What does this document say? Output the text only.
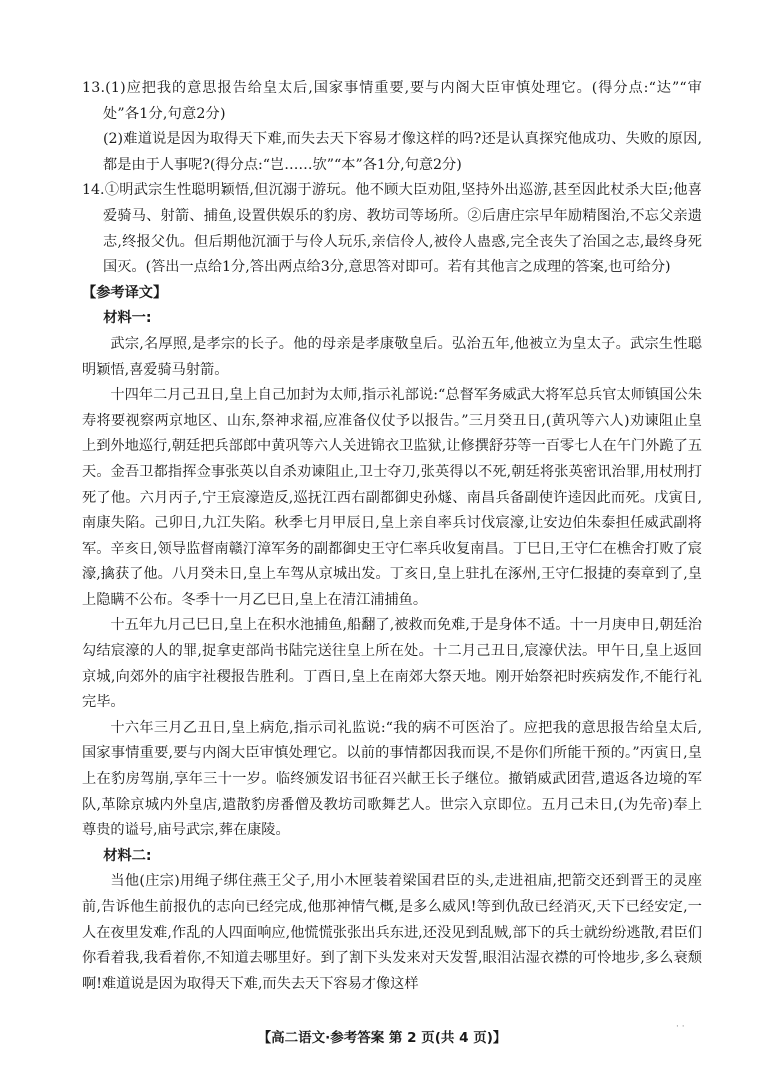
13.(1)应把我的意思报告给皇太后,国家事情重要,要与内阁大臣审慎处理它。(得分点:“达”“审处”各1分,句意2分)

(2)难道说是因为取得天下难,而失去天下容易才像这样的吗?还是认真探究他成功、失败的原因,都是由于人事呢?(得分点:“岂……欤”“本”各1分,句意2分)

14.①明武宗生性聪明颖悟,但沉溺于游玩。他不顾大臣劝阻,坚持外出巡游,甚至因此杖杀大臣;他喜爱骑马、射箭、捕鱼,设置供娱乐的豹房、教坊司等场所。②后唐庄宗早年励精图治,不忘父亲遗志,终报父仇。但后期他沉湎于与伶人玩乐,亲信伶人,被伶人蛊惑,完全丧失了治国之志,最终身死国灭。(答出一点给1分,答出两点给3分,意思答对即可。若有其他言之成理的答案,也可给分)

【参考译文】

材料一:

武宗,名厚照,是孝宗的长子。他的母亲是孝康敬皇后。弘治五年,他被立为皇太子。武宗生性聪明颖悟,喜爱骑马射箭。

十四年二月己丑日,皇上自己加封为太师,指示礼部说:“总督军务威武大将军总兵官太师镇国公朱寿将要视察两京地区、山东,祭神求福,应准备仪仗予以报告。”三月癸丑日,(黄巩等六人)劝谏阻止皇上到外地巡行,朝廷把兵部郎中黄巩等六人关进锦衣卫监狱,让修撰舒芬等一百零七人在午门外跪了五天。金吾卫都指挥佥事张英以自杀劝谏阻止,卫士夺刀,张英得以不死,朝廷将张英密讯治罪,用杖刑打死了他。六月丙子,宁王宸濠造反,巡抚江西右副都御史孙燧、南昌兵备副使许逵因此而死。戊寅日,南康失陷。己卯日,九江失陷。秋季七月甲辰日,皇上亲自率兵讨伐宸濠,让安边伯朱泰担任威武副将军。辛亥日,领导监督南赣汀漳军务的副都御史王守仁率兵收复南昌。丁巳日,王守仁在樵舍打败了宸濠,擒获了他。八月癸未日,皇上车驾从京城出发。丁亥日,皇上驻扎在涿州,王守仁报捷的奏章到了,皇上隐瞒不公布。冬季十一月乙巳日,皇上在清江浦捕鱼。

十五年九月己巳日,皇上在积水池捕鱼,船翻了,被救而免难,于是身体不适。十一月庚申日,朝廷治勾结宸濠的人的罪,捉拿吏部尚书陆完送往皇上所在处。十二月己丑日,宸濠伏法。甲午日,皇上返回京城,向郊外的庙宇社稷报告胜利。丁酉日,皇上在南郊大祭天地。刚开始祭祀时疾病发作,不能行礼完毕。

十六年三月乙丑日,皇上病危,指示司礼监说:“我的病不可医治了。应把我的意思报告给皇太后,国家事情重要,要与内阁大臣审慎处理它。以前的事情都因我而误,不是你们所能干预的。”丙寅日,皇上在豹房驾崩,享年三十一岁。临终颁发诏书征召兴献王长子继位。撤销威武团营,遣返各边境的军队,革除京城内外皇店,遣散豹房番僧及教坊司歌舞艺人。世宗入京即位。五月己未日,(为先帝)奉上尊贵的谥号,庙号武宗,葬在康陵。

材料二:

当他(庄宗)用绳子绑住燕王父子,用小木匣装着梁国君臣的头,走进祖庙,把箭交还到晋王的灵座前,告诉他生前报仇的志向已经完成,他那神情气概,是多么威风!等到仇敌已经消灭,天下已经安定,一人在夜里发难,作乱的人四面响应,他慌慌张张出兵东进,还没见到乱贼,部下的兵士就纷纷逃散,君臣们你看着我,我看着你,不知道去哪里好。到了割下头发来对天发誓,眼泪沾湿衣襟的可怜地步,多么衰颓啊!难道说是因为取得天下难,而失去天下容易才像这样

【高二语文·参考答案 第 2 页(共 4 页)】
· ·
